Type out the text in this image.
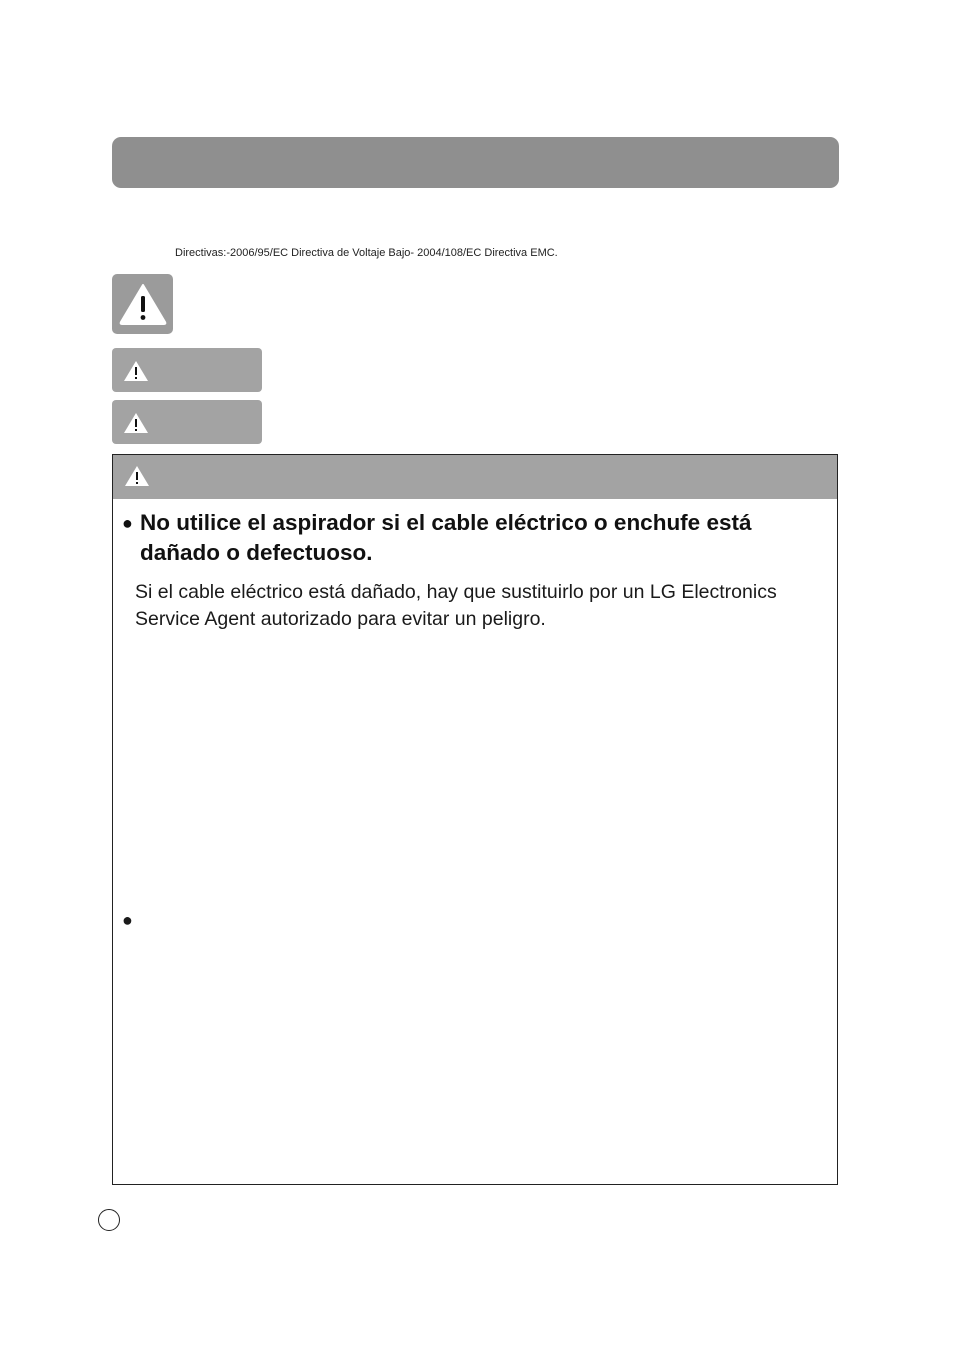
Directivas:-2006/95/EC Directiva de Voltaje Bajo- 2004/108/EC Directiva EMC.
● No utilice el aspirador si el cable eléctrico o enchufe está dañado o defectuoso.
Si el cable eléctrico está dañado, hay que sustituirlo por un LG Electronics Service Agent autorizado para evitar un peligro.
●
